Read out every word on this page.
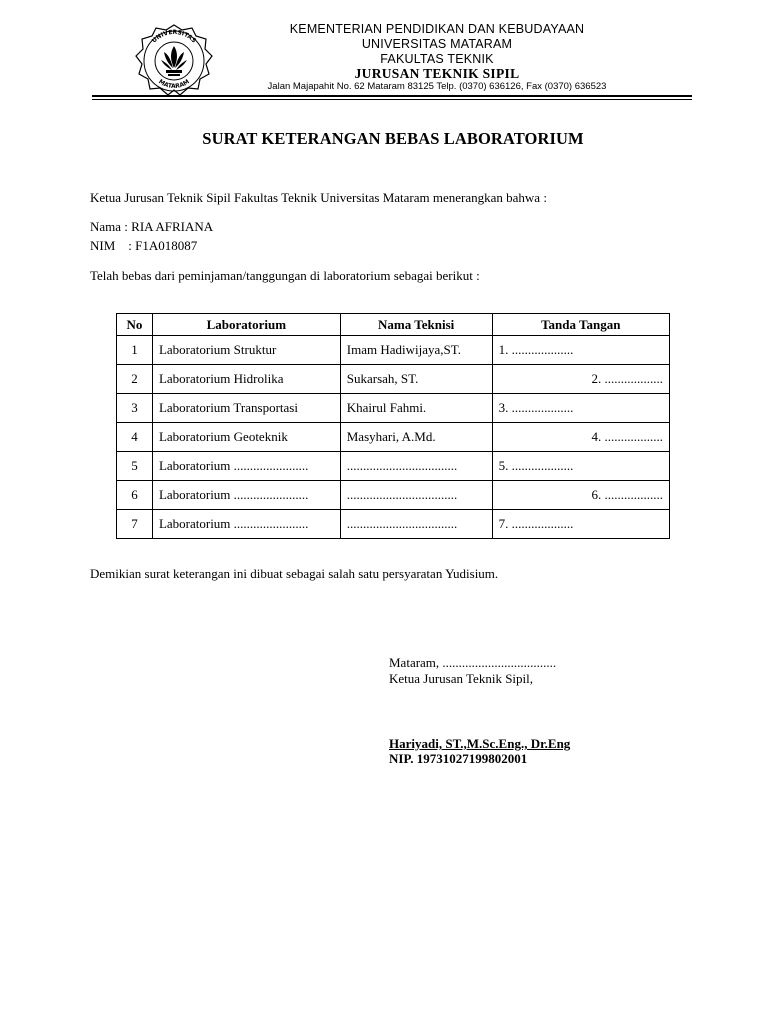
UNIVERSITAS
MATARAM
KEMENTERIAN PENDIDIKAN DAN KEBUDAYAAN
UNIVERSITAS MATARAM
FAKULTAS TEKNIK
JURUSAN TEKNIK SIPIL
Jalan Majapahit No. 62 Mataram 83125 Telp. (0370) 636126, Fax (0370) 636523
SURAT KETERANGAN BEBAS LABORATORIUM
Ketua Jurusan Teknik Sipil Fakultas Teknik Universitas Mataram menerangkan bahwa :
Nama : RIA AFRIANA
NIM    : F1A018087
Telah bebas dari peminjaman/tanggungan di laboratorium sebagai berikut :
No	Laboratorium	Nama Teknisi	Tanda Tangan
1	Laboratorium Struktur	Imam Hadiwijaya,ST.	1. ...................
2	Laboratorium Hidrolika	Sukarsah, ST.	2. ..................
3	Laboratorium Transportasi	Khairul Fahmi.	3. ...................
4	Laboratorium Geoteknik	Masyhari, A.Md.	4. ..................
5	Laboratorium .......................	..................................	5. ...................
6	Laboratorium .......................	..................................	6. ..................
7	Laboratorium .......................	..................................	7. ...................
Demikian surat keterangan ini dibuat sebagai salah satu persyaratan Yudisium.
Mataram, ...................................
Ketua Jurusan Teknik Sipil,
Hariyadi, ST.,M.Sc.Eng., Dr.Eng
NIP. 19731027199802001
